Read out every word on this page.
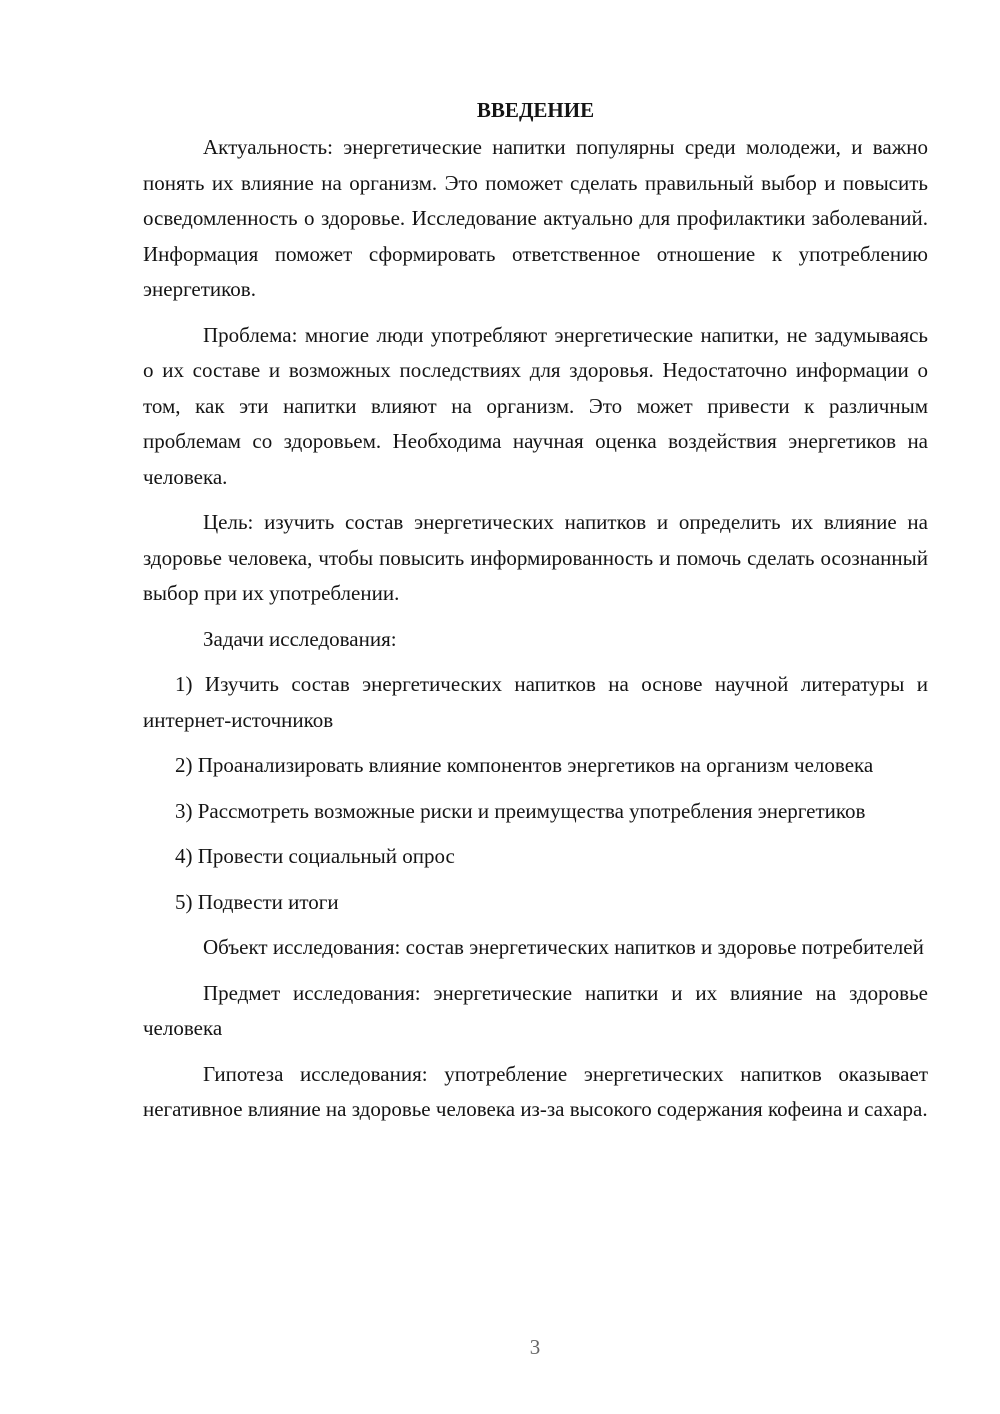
ВВЕДЕНИЕ

Актуальность: энергетические напитки популярны среди молодежи, и важно понять их влияние на организм. Это поможет сделать правильный выбор и повысить осведомленность о здоровье. Исследование актуально для профилактики заболеваний. Информация поможет сформировать ответственное отношение к употреблению энергетиков.

Проблема: многие люди употребляют энергетические напитки, не задумываясь о их составе и возможных последствиях для здоровья. Недостаточно информации о том, как эти напитки влияют на организм. Это может привести к различным проблемам со здоровьем. Необходима научная оценка воздействия энергетиков на человека.

Цель: изучить состав энергетических напитков и определить их влияние на здоровье человека, чтобы повысить информированность и помочь сделать осознанный выбор при их употреблении.

Задачи исследования:

1) Изучить состав энергетических напитков на основе научной литературы и интернет-источников

2) Проанализировать влияние компонентов энергетиков на организм человека

3) Рассмотреть возможные риски и преимущества употребления энергетиков

4) Провести социальный опрос

5) Подвести итоги

Объект исследования: состав энергетических напитков и здоровье потребителей

Предмет исследования: энергетические напитки и их влияние на здоровье человека

Гипотеза исследования: употребление энергетических напитков оказывает негативное влияние на здоровье человека из-за высокого содержания кофеина и сахара.

3
